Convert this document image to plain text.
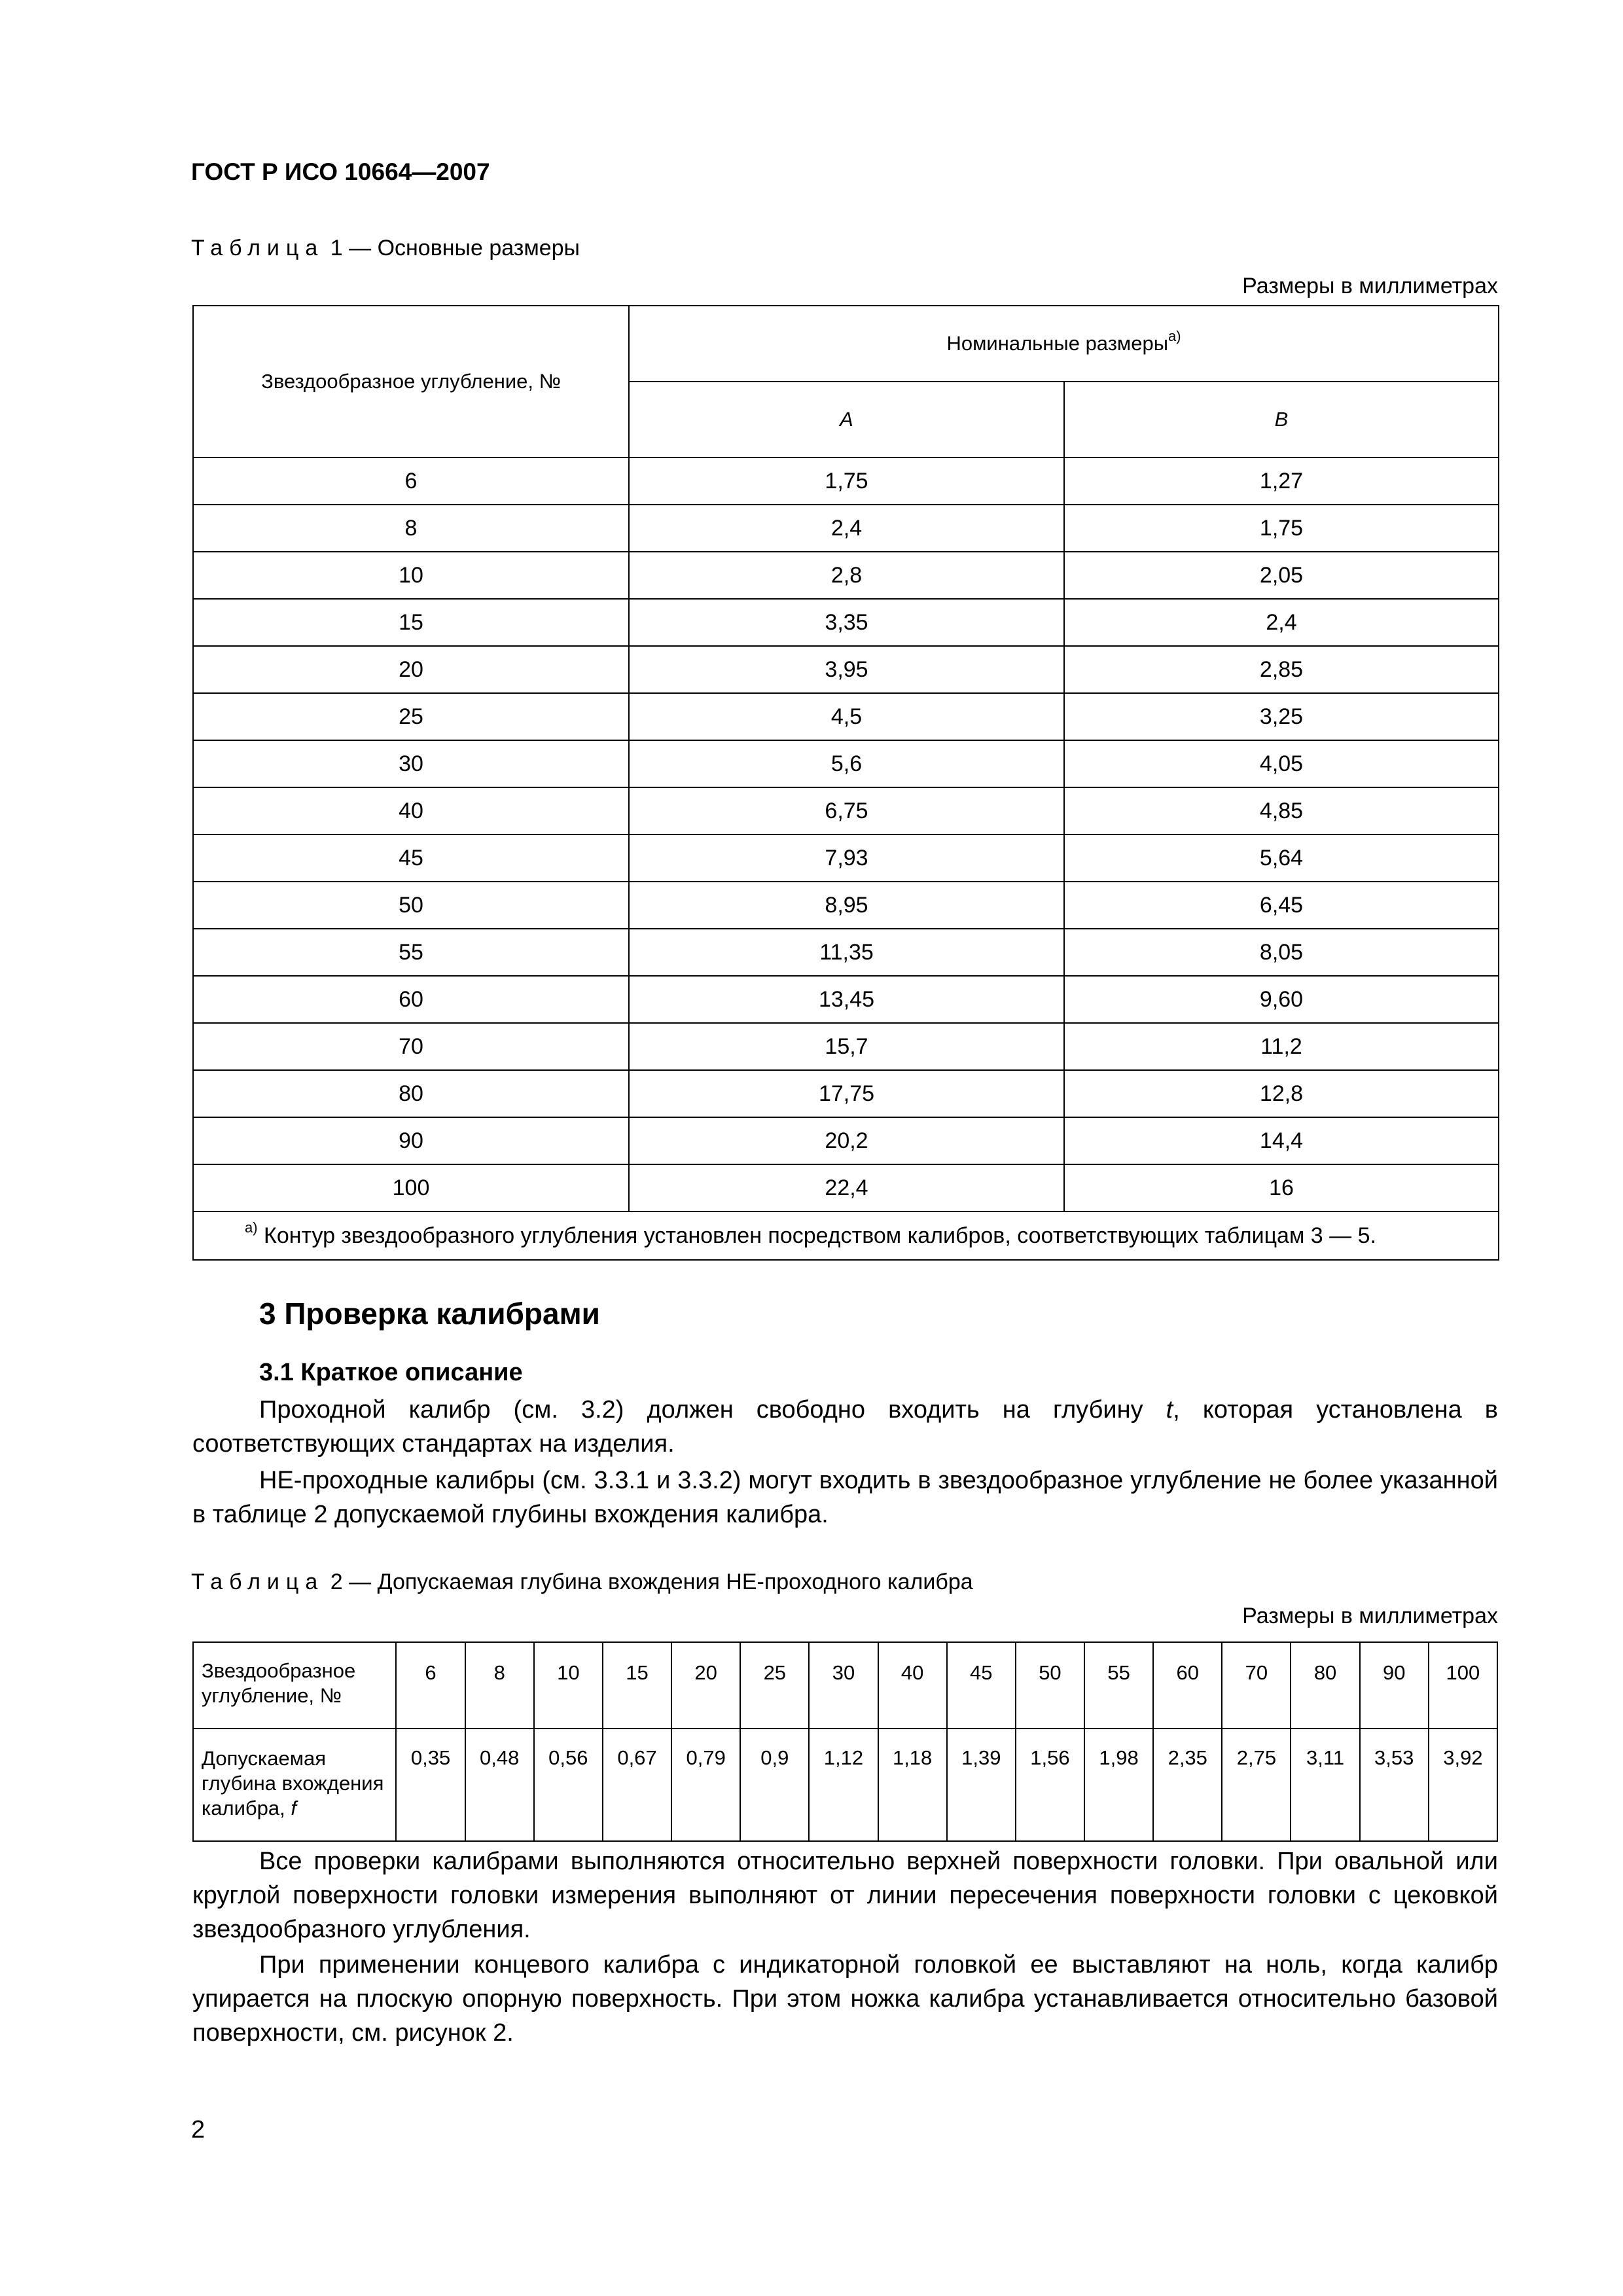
ГОСТ Р ИСО 10664—2007
Таблица 1 — Основные размеры
Размеры в миллиметрах
Звездообразное углубление, №	Номинальные размеры$^{a)}$
	A	B
6	1,75	1,27
8	2,4	1,75
10	2,8	2,05
15	3,35	2,4
20	3,95	2,85
25	4,5	3,25
30	5,6	4,05
40	6,75	4,85
45	7,93	5,64
50	8,95	6,45
55	11,35	8,05
60	13,45	9,60
70	15,7	11,2
80	17,75	12,8
90	20,2	14,4
100	22,4	16
$^{a)}$ Контур звездообразного углубления установлен посредством калибров, соответствующих таблицам 3 — 5.		
3 Проверка калибрами
3.1 Краткое описание
Проходной калибр (см. 3.2) должен свободно входить на глубину t, которая установлена в соответствующих стандартах на изделия.
НЕ-проходные калибры (см. 3.3.1 и 3.3.2) могут входить в звездообразное углубление не более указанной в таблице 2 допускаемой глубины вхождения калибра.
Таблица 2 — Допускаемая глубина вхождения НЕ-проходного калибра
Размеры в миллиметрах
Звездообразное углубление, №	6	8	10	15	20	25	30	40	45	50	55	60	70	80	90	100
Допускаемая глубина вхождения калибра, f	0,35	0,48	0,56	0,67	0,79	0,9	1,12	1,18	1,39	1,56	1,98	2,35	2,75	3,11	3,53	3,92
Все проверки калибрами выполняются относительно верхней поверхности головки. При овальной или круглой поверхности головки измерения выполняют от линии пересечения поверхности головки с цековкой звездообразного углубления.
При применении концевого калибра с индикаторной головкой ее выставляют на ноль, когда калибр упирается на плоскую опорную поверхность. При этом ножка калибра устанавливается относительно базовой поверхности, см. рисунок 2.
2
